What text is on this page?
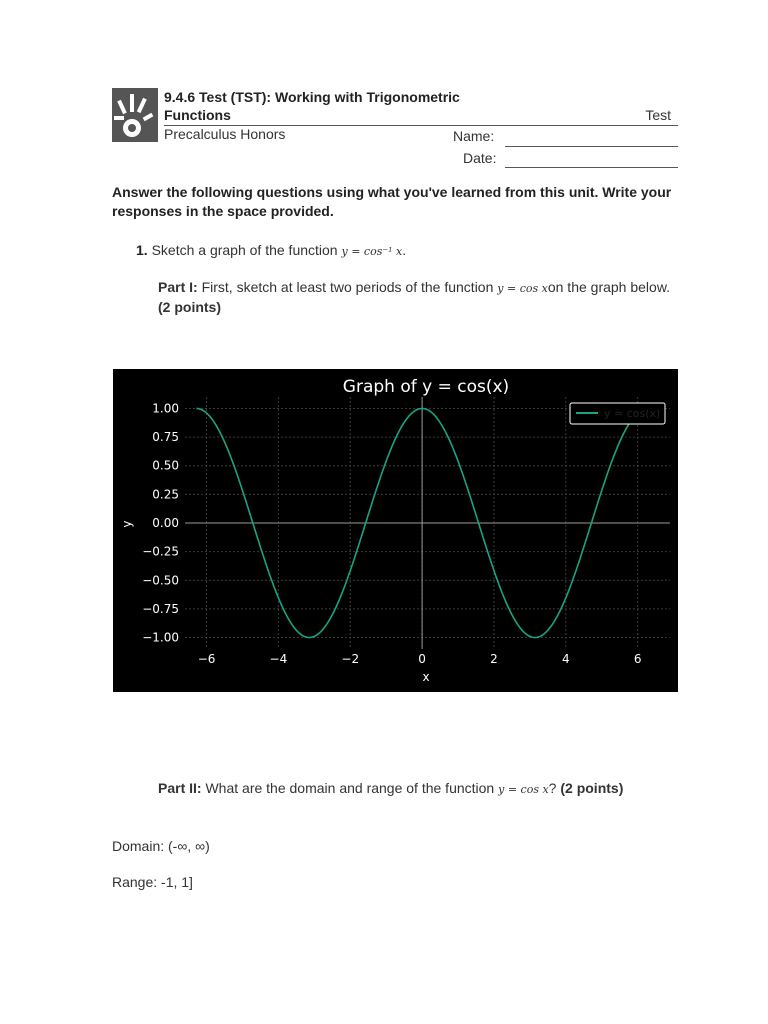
9.4.6 Test (TST): Working with Trigonometric Functions	Test
Precalculus Honors	Name:
Date:
Answer the following questions using what you've learned from this unit. Write your responses in the space provided.
1. Sketch a graph of the function y = cos⁻¹ x.
Part I: First, sketch at least two periods of the function y = cos xon the graph below. (2 points)
Graph of y = cos(x)
−6	−4	−2	0	2	4	6
1.00
0.75
0.50
0.25
0.00
−0.25
−0.50
−0.75
−1.00
x
y
y = cos(x)
Part II: What are the domain and range of the function y = cos x? (2 points)
Domain: (-∞, ∞)
Range: -1, 1]
